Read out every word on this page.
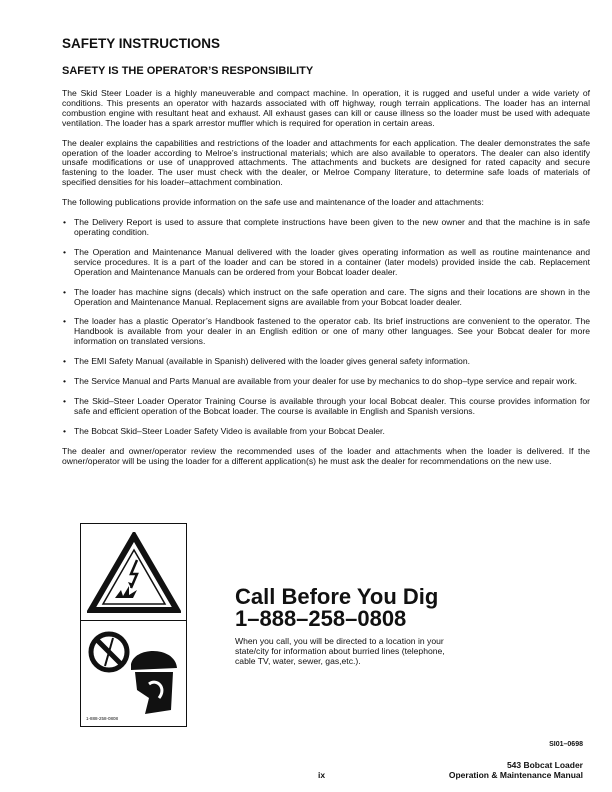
SAFETY INSTRUCTIONS
SAFETY IS THE OPERATOR’S RESPONSIBILITY

The Skid Steer Loader is a highly maneuverable and compact machine. In operation, it is rugged and useful under a wide variety of conditions. This presents an operator with hazards associated with off highway, rough terrain applications. The loader has an internal combustion engine with resultant heat and exhaust. All exhaust gases can kill or cause illness so the loader must be used with adequate ventilation. The loader has a spark arrestor muffler which is required for operation in certain areas.

The dealer explains the capabilities and restrictions of the loader and attachments for each application. The dealer demonstrates the safe operation of the loader according to Melroe’s instructional materials; which are also available to operators. The dealer can also identify unsafe modifications or use of unapproved attachments. The attachments and buckets are designed for rated capacity and secure fastening to the loader. The user must check with the dealer, or Melroe Company literature, to determine safe loads of materials of specified densities for his loader–attachment combination.

The following publications provide information on the safe use and maintenance of the loader and attachments:

• The Delivery Report is used to assure that complete instructions have been given to the new owner and that the machine is in safe operating condition.
• The Operation and Maintenance Manual delivered with the loader gives operating information as well as routine maintenance and service procedures. It is a part of the loader and can be stored in a container (later models) provided inside the cab. Replacement Operation and Maintenance Manuals can be ordered from your Bobcat loader dealer.
• The loader has machine signs (decals) which instruct on the safe operation and care. The signs and their locations are shown in the Operation and Maintenance Manual. Replacement signs are available from your Bobcat loader dealer.
• The loader has a plastic Operator’s Handbook fastened to the operator cab. Its brief instructions are convenient to the operator. The Handbook is available from your dealer in an English edition or one of many other languages. See your Bobcat dealer for more information on translated versions.
• The EMI Safety Manual (available in Spanish) delivered with the loader gives general safety information.
• The Service Manual and Parts Manual are available from your dealer for use by mechanics to do shop–type service and repair work.
• The Skid–Steer Loader Operator Training Course is available through your local Bobcat dealer. This course provides information for safe and efficient operation of the Bobcat loader. The course is available in English and Spanish versions.
• The Bobcat Skid–Steer Loader Safety Video is available from your Bobcat Dealer.

The dealer and owner/operator review the recommended uses of the loader and attachments when the loader is delivered. If the owner/operator will be using the loader for a different application(s) he must ask the dealer for recommendations on the new use.

1-888-258-0808
Call Before You Dig
1–888–258–0808
When you call, you will be directed to a location in your state/city for information about burried lines (telephone, cable TV, water, sewer, gas,etc.).
SI01–0698
543 Bobcat Loader
ix	Operation & Maintenance Manual
